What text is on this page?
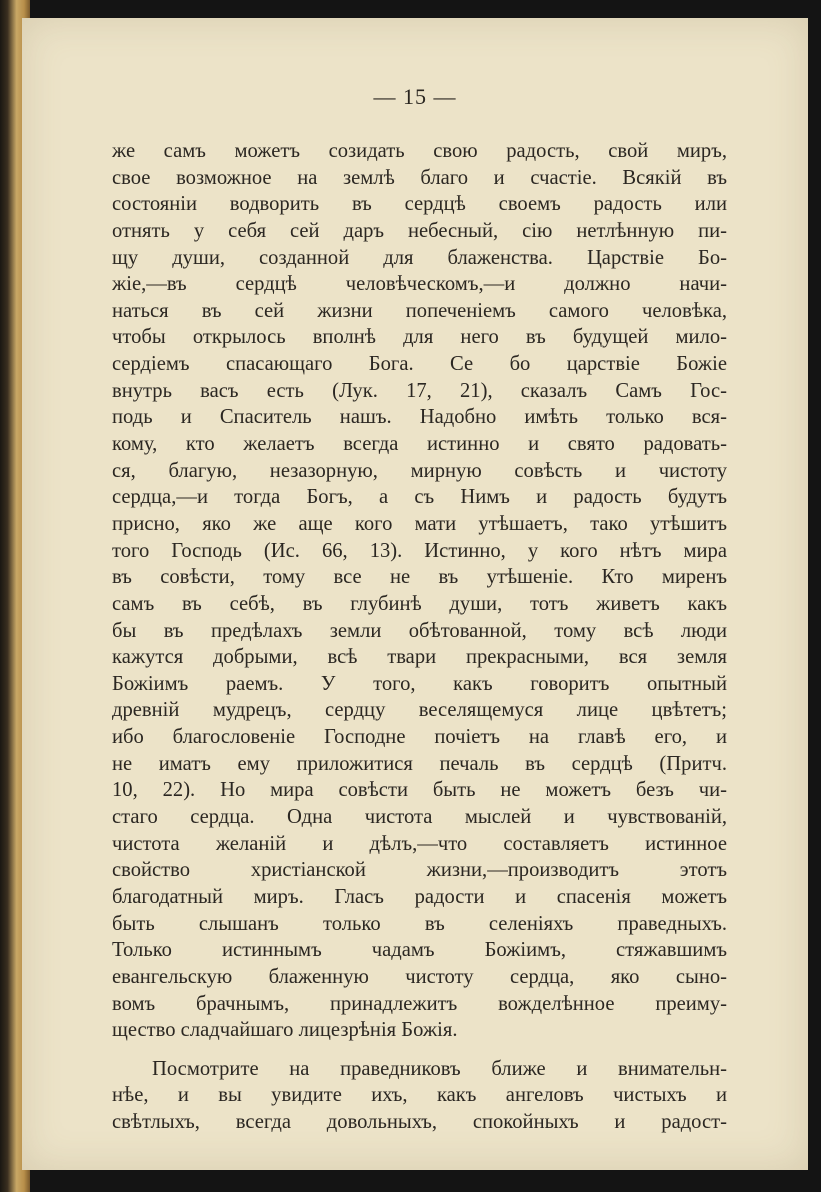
— 15 —
же самъ можетъ созидать свою радость, свой миръ,
свое возможное на землѣ благо и счастіе. Всякій въ
состояніи водворить въ сердцѣ своемъ радость или
отнять у себя сей даръ небесный, сію нетлѣнную пи-
щу души, созданной для блаженства. Царствіе Бо-
жіе,—въ сердцѣ человѣческомъ,—и должно начи-
наться въ сей жизни попеченіемъ самого человѣка,
чтобы открылось вполнѣ для него въ будущей мило-
сердіемъ спасающаго Бога. Се бо царствіе Божіе
внутрь васъ есть (Лук. 17, 21), сказалъ Самъ Гос-
подь и Спаситель нашъ. Надобно имѣть только вся-
кому, кто желаетъ всегда истинно и свято радовать-
ся, благую, незазорную, мирную совѣсть и чистоту
сердца,—и тогда Богъ, а съ Нимъ и радость будутъ
присно, яко же аще кого мати утѣшаетъ, тако утѣшитъ
того Господь (Ис. 66, 13). Истинно, у кого нѣтъ мира
въ совѣсти, тому все не въ утѣшеніе. Кто миренъ
самъ въ себѣ, въ глубинѣ души, тотъ живетъ какъ
бы въ предѣлахъ земли обѣтованной, тому всѣ люди
кажутся добрыми, всѣ твари прекрасными, вся земля
Божіимъ раемъ. У того, какъ говоритъ опытный
древній мудрецъ, сердцу веселящемуся лице цвѣтетъ;
ибо благословеніе Господне почіетъ на главѣ его, и
не иматъ ему приложитися печаль въ сердцѣ (Притч.
10, 22). Но мира совѣсти быть не можетъ безъ чи-
стаго сердца. Одна чистота мыслей и чувствованій,
чистота желаній и дѣлъ,—что составляетъ истинное
свойство христіанской жизни,—производитъ этотъ
благодатный миръ. Гласъ радости и спасенія можетъ
быть слышанъ только въ селеніяхъ праведныхъ.
Только истиннымъ чадамъ Божіимъ, стяжавшимъ
евангельскую блаженную чистоту сердца, яко сыно-
вомъ брачнымъ, принадлежитъ вожделѣнное преиму-
щество сладчайшаго лицезрѣнія Божія.
Посмотрите на праведниковъ ближе и внимательн-
нѣе, и вы увидите ихъ, какъ ангеловъ чистыхъ и
свѣтлыхъ, всегда довольныхъ, спокойныхъ и радост-
